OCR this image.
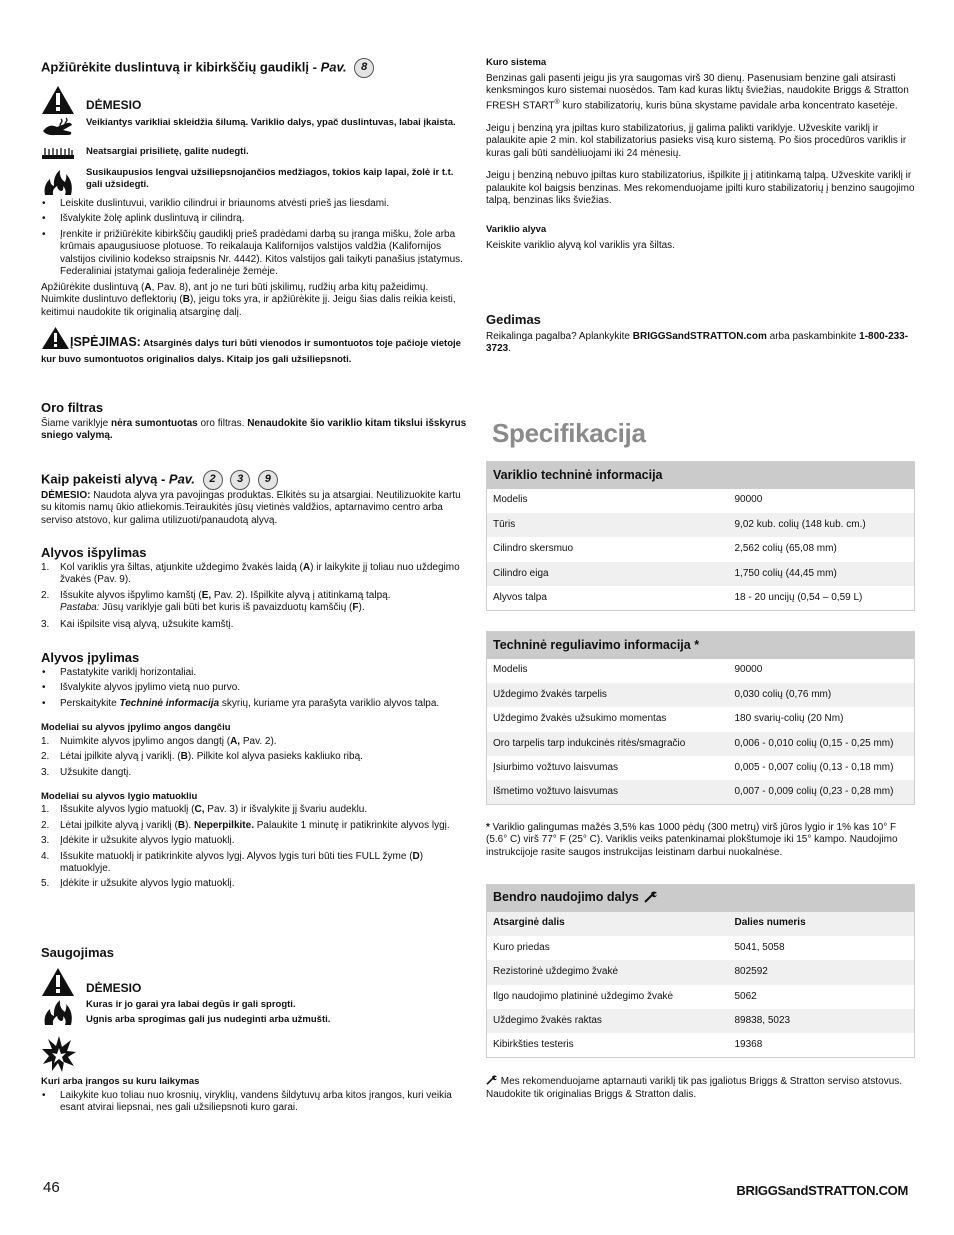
Apžiūrėkite duslintuvą ir kibirkščių gaudiklį - Pav. 8
DĖMESIO
Veikiantys varikliai skleidžia šilumą. Variklio dalys, ypač duslintuvas, labai įkaista.
Neatsargiai prisilietę, galite nudegti.
Susikaupusios lengvai užsiliepsnojančios medžiagos, tokios kaip lapai, žolė ir t.t. gali užsidegti.
• Leiskite duslintuvui, variklio cilindrui ir briaunoms atvėsti prieš jas liesdami.
• Išvalykite žolę aplink duslintuvą ir cilindrą.
• Įrenkite ir prižiūrėkite kibirkščių gaudiklį prieš pradėdami darbą su įranga mišku, žole arba krūmais apaugusiuose plotuose. To reikalauja Kalifornijos valstijos valdžia (Kalifornijos valstijos civilinio kodekso straipsnis Nr. 4442). Kitos valstijos gali taikyti panašius įstatymus. Federaliniai įstatymai galioja federalinėje žemėje.
Apžiūrėkite duslintuvą (A, Pav. 8), ant jo ne turi būti įskilimų, rudžių arba kitų pažeidimų. Nuimkite duslintuvo deflektorių (B), jeigu toks yra, ir apžiūrėkite jį. Jeigu šias dalis reikia keisti, keitimui naudokite tik originalią atsarginę dalį.
ĮSPĖJIMAS: Atsarginės dalys turi būti vienodos ir sumontuotos toje pačioje vietoje kur buvo sumontuotos originalios dalys. Kitaip jos gali užsiliepsnoti.
Oro filtras
Šiame variklyje nėra sumontuotas oro filtras. Nenaudokite šio variklio kitam tikslui išskyrus sniego valymą.
Kaip pakeisti alyvą - Pav. 2 3 9
DĖMESIO: Naudota alyva yra pavojingas produktas. Elkitės su ja atsargiai. Neutilizuokite kartu su kitomis namų ūkio atliekomis.Teiraukitės jūsų vietinės valdžios, aptarnavimo centro arba serviso atstovo, kur galima utilizuoti/panaudotą alyvą.
Alyvos išpylimas
1. Kol variklis yra šiltas, atjunkite uždegimo žvakės laidą (A) ir laikykite jį toliau nuo uždegimo žvakės (Pav. 9).
2. Išsukite alyvos išpylimo kamštį (E, Pav. 2). Išpilkite alyvą į atitinkamą talpą.
Pastaba: Jūsų variklyje gali būti bet kuris iš pavaizduotų kamščių (F).
3. Kai išpilsite visą alyvą, užsukite kamštį.
Alyvos įpylimas
• Pastatykite variklį horizontaliai.
• Išvalykite alyvos įpylimo vietą nuo purvo.
• Perskaitykite Techninė informacija skyrių, kuriame yra parašyta variklio alyvos talpa.
Modeliai su alyvos įpylimo angos dangčiu
1. Nuimkite alyvos įpylimo angos dangtį (A, Pav. 2).
2. Lėtai įpilkite alyvą į variklį. (B). Pilkite kol alyva pasieks kakliuko ribą.
3. Užsukite dangtį.
Modeliai su alyvos lygio matuokliu
1. Išsukite alyvos lygio matuoklį (C, Pav. 3) ir išvalykite jį švariu audeklu.
2. Lėtai įpilkite alyvą į variklį (B). Neperpilkite. Palaukite 1 minutę ir patikrinkite alyvos lygį.
3. Įdėkite ir užsukite alyvos lygio matuoklį.
4. Išsukite matuoklį ir patikrinkite alyvos lygį. Alyvos lygis turi būti ties FULL žyme (D) matuoklyje.
5. Įdėkite ir užsukite alyvos lygio matuoklį.
Saugojimas
DĖMESIO
Kuras ir jo garai yra labai degūs ir gali sprogti.
Ugnis arba sprogimas gali jus nudeginti arba užmušti.
Kuri arba įrangos su kuru laikymas
• Laikykite kuo toliau nuo krosnių, viryklių, vandens šildytuvų arba kitos įrangos, kuri veikia esant atvirai liepsnai, nes gali užsiliepsnoti kuro garai.
Kuro sistema
Benzinas gali pasenti jeigu jis yra saugomas virš 30 dienų. Pasenusiam benzine gali atsirasti kenksmingos kuro sistemai nuosėdos. Tam kad kuras liktų šviežias, naudokite Briggs & Stratton FRESH START® kuro stabilizatorių, kuris būna skystame pavidale arba koncentrato kasetėje.
Jeigu į benziną yra įpiltas kuro stabilizatorius, jį galima palikti variklyje. Užveskite variklį ir palaukite apie 2 min. kol stabilizatorius pasieks visą kuro sistemą. Po šios procedūros variklis ir kuras gali būti sandėliuojami iki 24 mėnesių.
Jeigu į benziną nebuvo įpiltas kuro stabilizatorius, išpilkite jį į atitinkamą talpą. Užveskite variklį ir palaukite kol baigsis benzinas. Mes rekomenduojame įpilti kuro stabilizatorių į benzino saugojimo talpą, benzinas liks šviežias.
Variklio alyva
Keiskite variklio alyvą kol variklis yra šiltas.
Gedimas
Reikalinga pagalba? Aplankykite BRIGGSandSTRATTON.com arba paskambinkite 1-800-233-3723.
Specifikacija
Variklio techninė informacija	
Modelis	90000
Tūris	9,02 kub. colių (148 kub. cm.)
Cilindro skersmuo	2,562 colių (65,08 mm)
Cilindro eiga	1,750 colių (44,45 mm)
Alyvos talpa	18 - 20 uncijų (0,54 – 0,59 L)
Techninė reguliavimo informacija *	
Modelis	90000
Uždegimo žvakės tarpelis	0,030 colių (0,76 mm)
Uždegimo žvakės užsukimo momentas	180 svarių-colių (20 Nm)
Oro tarpelis tarp indukcinės ritės/smagračio	0,006 - 0,010 colių (0,15 - 0,25 mm)
Įsiurbimo vožtuvo laisvumas	0,005 - 0,007 colių (0,13 - 0,18 mm)
Išmetimo vožtuvo laisvumas	0,007 - 0,009 colių (0,23 - 0,28 mm)
* Variklio galingumas mažės 3,5% kas 1000 pėdų (300 metrų) virš jūros lygio ir 1% kas 10° F (5.6° C) virš 77° F (25° C). Variklis veiks patenkinamai plokštumoje iki 15° kampo. Naudojimo instrukcijoje rasite saugos instrukcijas leistinam darbui nuokalnėse.
Bendro naudojimo dalys	
Atsarginė dalis	Dalies numeris
Kuro priedas	5041, 5058
Rezistorinė uždegimo žvakė	802592
Ilgo naudojimo platininė uždegimo žvakė	5062
Uždegimo žvakės raktas	89838, 5023
Kibirkšties testeris	19368
Mes rekomenduojame aptarnauti variklį tik pas įgaliotus Briggs & Stratton serviso atstovus. Naudokite tik originalias Briggs & Stratton dalis.
46	BRIGGSandSTRATTON.COM
